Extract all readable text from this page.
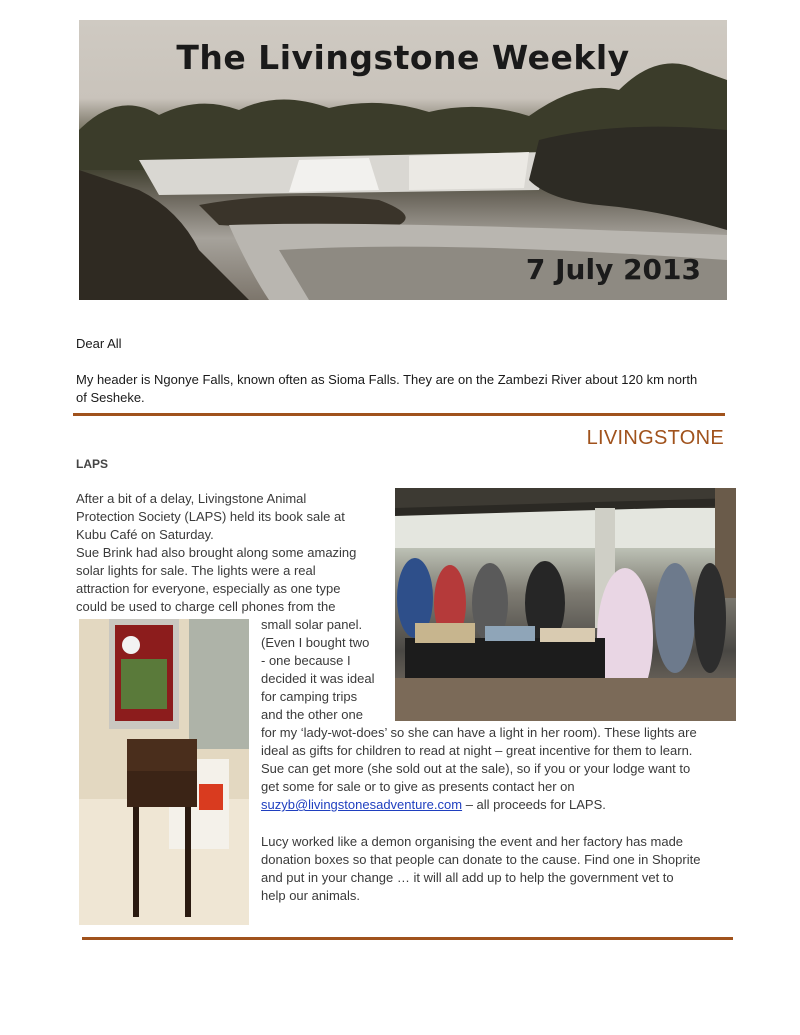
The Livingstone Weekly
7 July 2013
Dear All
My header is Ngonye Falls, known often as Sioma Falls. They are on the Zambezi River about 120 km north
of Sesheke.
LIVINGSTONE
LAPS
After a bit of a delay, Livingstone Animal
Protection Society (LAPS) held its book sale at
Kubu Café on Saturday.
Sue Brink had also brought along some amazing
solar lights for sale. The lights were a real
attraction for everyone, especially as one type
could be used to charge cell phones from the
small solar panel.
(Even I bought two
- one because I
decided it was ideal
for camping trips
and the other one
for my ‘lady-wot-does’ so she can have a light in her room). These lights are
ideal as gifts for children to read at night – great incentive for them to learn.
Sue can get more (she sold out at the sale), so if you or your lodge want to
get some for sale or to give as presents contact her on
suzyb@livingstonesadventure.com – all proceeds for LAPS.
Lucy worked like a demon organising the event and her factory has made
donation boxes so that people can donate to the cause. Find one in Shoprite
and put in your change … it will all add up to help the government vet to
help our animals.
